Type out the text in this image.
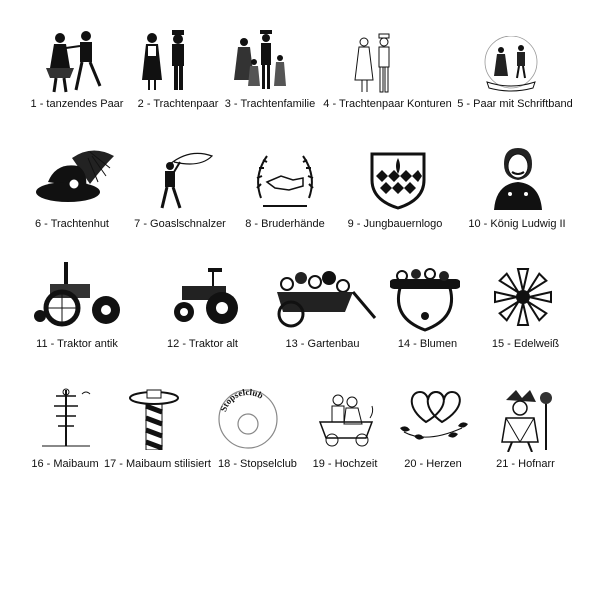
1 - tanzendes Paar	2 - Trachtenpaar 3 - Trachtenfamilie 4 - Trachtenpaar Konturen 5 - Paar mit Schriftband
6 - Trachtenhut	7 - Goaslschnalzer	8 - Bruderhände	9 - Jungbauernlogo	10 - König Ludwig II
11 - Traktor antik	12 - Traktor alt	13 - Gartenbau	14 - Blumen	15 - Edelweiß
16 - Maibaum 17 - Maibaum stilisiert
Stopselclub
18 - Stopselclub	19 - Hochzeit	20 - Herzen	21 - Hofnarr
